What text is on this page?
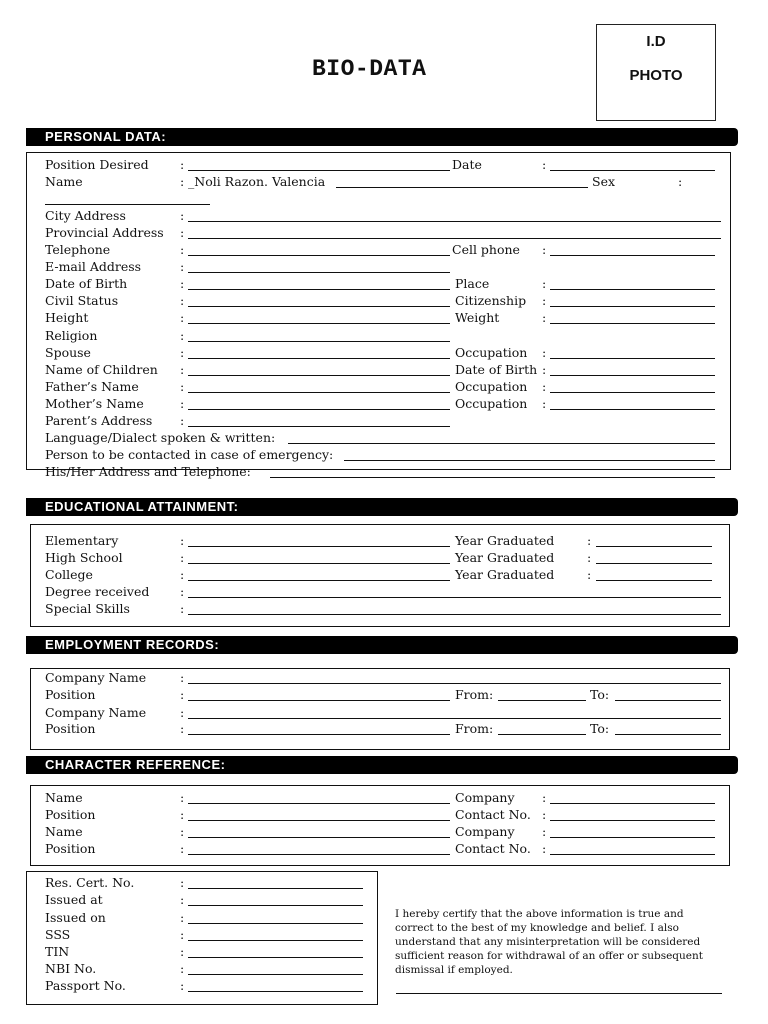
BIO-DATA
I.D
PHOTO
PERSONAL DATA:
EDUCATIONAL ATTAINMENT:
EMPLOYMENT RECORDS:
CHARACTER REFERENCE:
Position Desired	:	Date	:
Name	: _Noli Razon. Valencia	Sex	:
City Address	:
Provincial Address :
Telephone	:	Cell phone :
E-mail Address	:
Date of Birth	:	Place	:
Civil Status	:	Citizenship :
Height	:	Weight	:
Religion	:
Spouse	:	Occupation :
Name of Children :	Date of Birth :
Father’s Name	:	Occupation :
Mother’s Name	:	Occupation :
Parent’s Address :
Language/Dialect spoken & written:
Person to be contacted in case of emergency:
His/Her Address and Telephone:
Elementary	:	Year Graduated	:
High School	:	Year Graduated	:
College	:	Year Graduated	:
Degree received :
Special Skills	:
Company Name	:
Position	:	From:	To:
Company Name	:
Position	:	From:	To:
Name	:	Company :
Position	:	Contact No. :
Name	:	Company :
Position	:	Contact No. :
Res. Cert. No.	:
Issued at	:
Issued on	:
SSS	:
TIN	:
NBI No.	:
Passport No.	:
I hereby certify that the above information is true and correct to the best of my knowledge and belief. I also understand that any misinterpretation will be considered sufficient reason for withdrawal of an offer or subsequent dismissal if employed.
